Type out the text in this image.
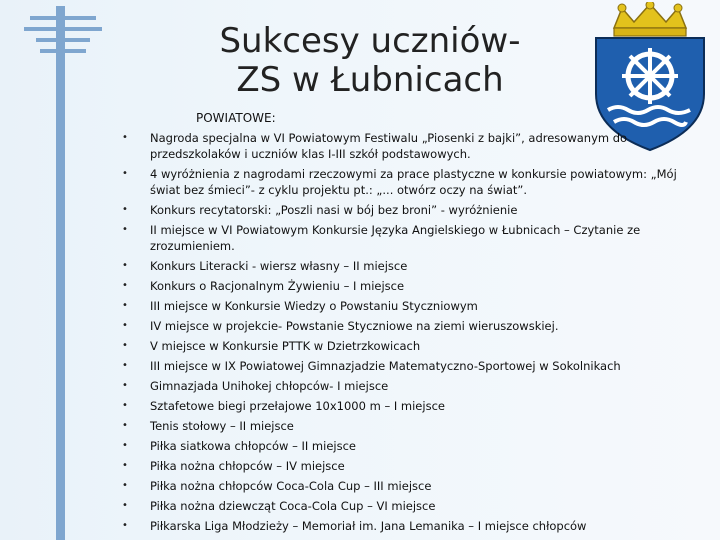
Sukcesy uczniów-
ZS w Łubnicach
POWIATOWE:
• Nagroda specjalna w VI Powiatowym Festiwalu „Piosenki z bajki”, adresowanym do przedszkolaków i uczniów klas I-III szkół podstawowych.
• 4 wyróżnienia z nagrodami rzeczowymi za prace plastyczne w konkursie powiatowym: „Mój świat bez śmieci”- z cyklu projektu pt.: „... otwórz oczy na świat”.
• Konkurs recytatorski: „Poszli nasi w bój bez broni” - wyróżnienie
• II miejsce w VI Powiatowym Konkursie Języka Angielskiego w Łubnicach – Czytanie ze zrozumieniem.
• Konkurs Literacki - wiersz własny – II miejsce
• Konkurs o Racjonalnym Żywieniu – I miejsce
• III miejsce w Konkursie Wiedzy o Powstaniu Styczniowym
• IV miejsce w projekcie- Powstanie Styczniowe na ziemi wieruszowskiej.
• V miejsce w Konkursie PTTK w Dzietrzkowicach
• III miejsce w IX Powiatowej Gimnazjadzie Matematyczno-Sportowej w Sokolnikach
• Gimnazjada Unihokej chłopców- I miejsce
• Sztafetowe biegi przełajowe 10x1000 m – I miejsce
• Tenis stołowy – II miejsce
• Piłka siatkowa chłopców – II miejsce
• Piłka nożna chłopców – IV miejsce
• Piłka nożna chłopców Coca-Cola Cup – III miejsce
• Piłka nożna dziewcząt Coca-Cola Cup – VI miejsce
• Piłkarska Liga Młodzieży – Memoriał im. Jana Lemanika – I miejsce chłopców
